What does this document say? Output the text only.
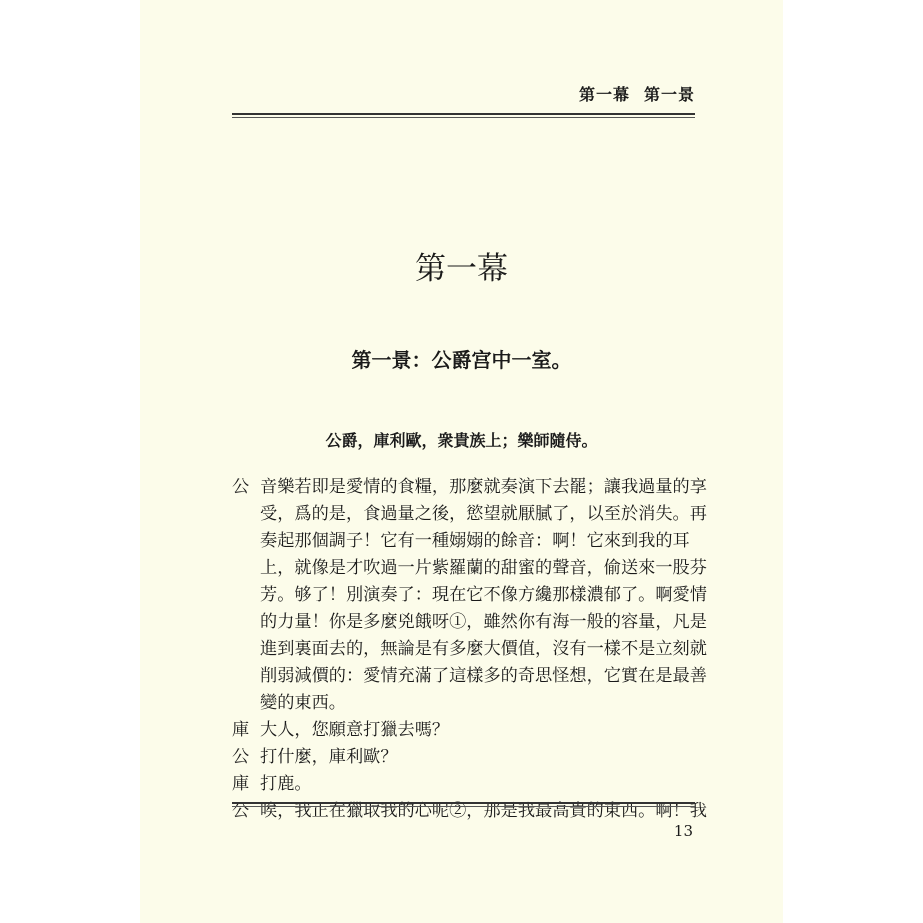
第一幕 第一景
第一幕
第一景：公爵宫中一室。
公爵，庫利歐，衆貴族上；樂師隨侍。
公 音樂若即是愛情的食糧，那麼就奏演下去罷；讓我過量的享
受，爲的是，食過量之後，慾望就厭膩了，以至於消失。再
奏起那個調子！它有一種嫋嫋的餘音：啊！它來到我的耳
上，就像是才吹過一片紫羅蘭的甜蜜的聲音，偷送來一股芬
芳。够了！別演奏了：現在它不像方纔那樣濃郁了。啊愛情
的力量！你是多麼兇餓呀①，雖然你有海一般的容量，凡是
進到裏面去的，無論是有多麼大價值，沒有一樣不是立刻就
削弱減價的：愛情充滿了這樣多的奇思怪想，它實在是最善
變的東西。
庫 大人，您願意打獵去嗎？
公 打什麼，庫利歐？
庫 打鹿。
公 唉，我正在獵取我的心呢②，那是我最高貴的東西。啊！我
13
